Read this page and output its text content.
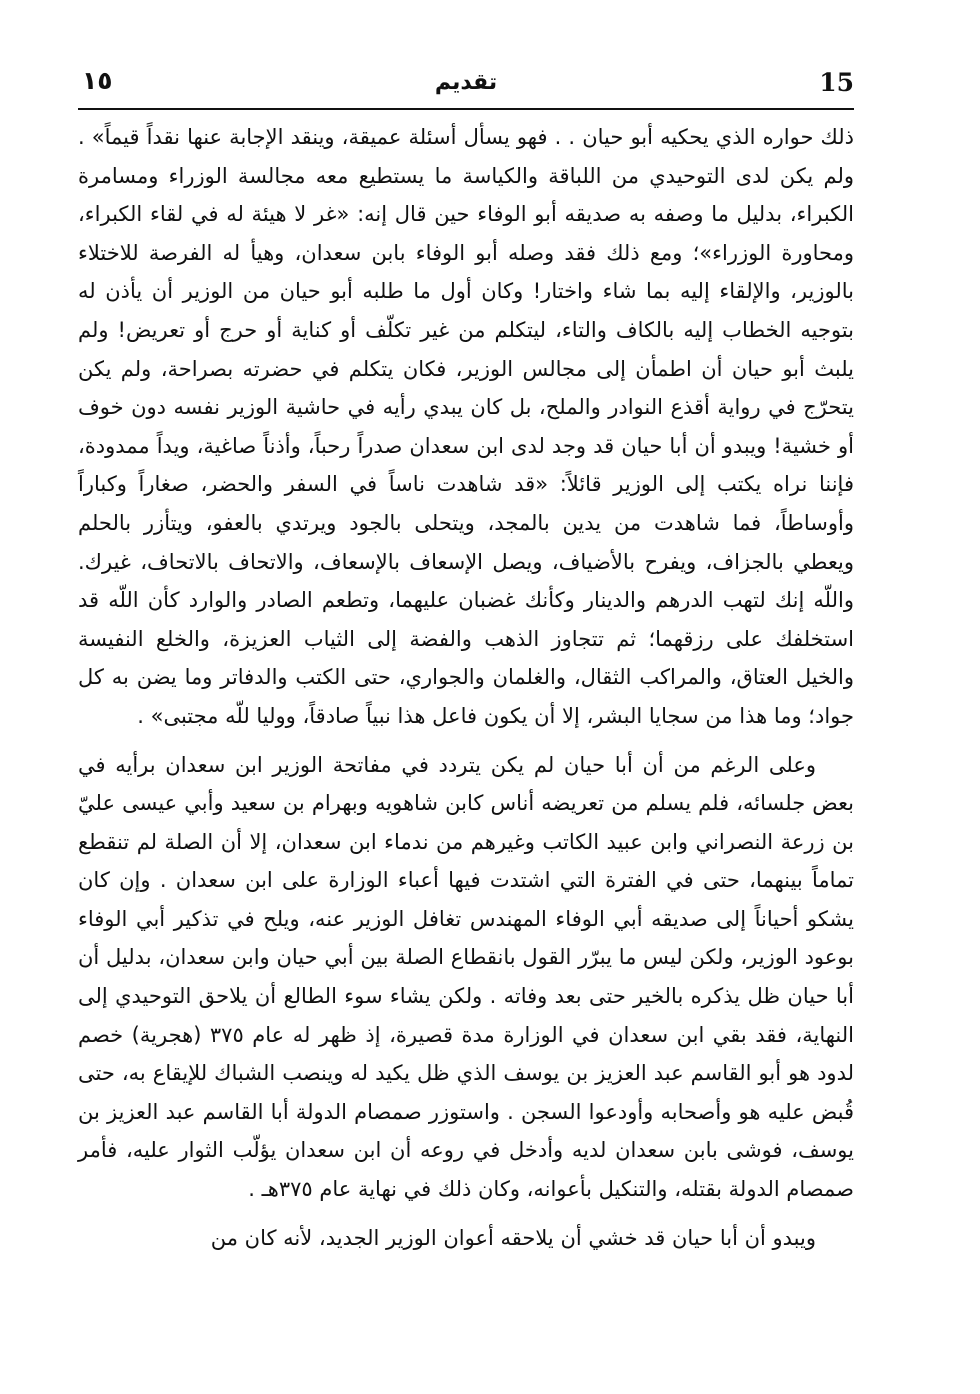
15
تقديم
١٥

ذلك حواره الذي يحكيه أبو حيان . . فهو يسأل أسئلة عميقة، وينقد الإجابة عنها نقداً قيماً» . ولم يكن لدى التوحيدي من اللباقة والكياسة ما يستطيع معه مجالسة الوزراء ومسامرة الكبراء، بدليل ما وصفه به صديقه أبو الوفاء حين قال إنه: «غر لا هيئة له في لقاء الكبراء، ومحاورة الوزراء»؛ ومع ذلك فقد وصله أبو الوفاء بابن سعدان، وهيأ له الفرصة للاختلاء بالوزير، والإلقاء إليه بما شاء واختار! وكان أول ما طلبه أبو حيان من الوزير أن يأذن له بتوجيه الخطاب إليه بالكاف والتاء، ليتكلم من غير تكلّف أو كناية أو حرج أو تعريض! ولم يلبث أبو حيان أن اطمأن إلى مجالس الوزير، فكان يتكلم في حضرته بصراحة، ولم يكن يتحرّج في رواية أقذع النوادر والملح، بل كان يبدي رأيه في حاشية الوزير نفسه دون خوف أو خشية! ويبدو أن أبا حيان قد وجد لدى ابن سعدان صدراً رحباً، وأذناً صاغية، ويداً ممدودة، فإننا نراه يكتب إلى الوزير قائلاً: «قد شاهدت ناساً في السفر والحضر، صغاراً وكباراً وأوساطاً، فما شاهدت من يدين بالمجد، ويتحلى بالجود ويرتدي بالعفو، ويتأزر بالحلم ويعطي بالجزاف، ويفرح بالأضياف، ويصل الإسعاف بالإسعاف، والاتحاف بالاتحاف، غيرك. واللّه إنك لتهب الدرهم والدينار وكأنك غضبان عليهما، وتطعم الصادر والوارد كأن اللّه قد استخلفك على رزقهما؛ ثم تتجاوز الذهب والفضة إلى الثياب العزيزة، والخلع النفيسة والخيل العتاق، والمراكب الثقال، والغلمان والجواري، حتى الكتب والدفاتر وما يضن به كل جواد؛ وما هذا من سجايا البشر، إلا أن يكون فاعل هذا نبياً صادقاً، ووليا للّه مجتبى» .

وعلى الرغم من أن أبا حيان لم يكن يتردد في مفاتحة الوزير ابن سعدان برأيه في بعض جلسائه، فلم يسلم من تعريضه أناس كابن شاهويه وبهرام بن سعيد وأبي عيسى عليّ بن زرعة النصراني وابن عبيد الكاتب وغيرهم من ندماء ابن سعدان، إلا أن الصلة لم تنقطع تماماً بينهما، حتى في الفترة التي اشتدت فيها أعباء الوزارة على ابن سعدان . وإن كان يشكو أحياناً إلى صديقه أبي الوفاء المهندس تغافل الوزير عنه، ويلح في تذكير أبي الوفاء بوعود الوزير، ولكن ليس ما يبرّر القول بانقطاع الصلة بين أبي حيان وابن سعدان، بدليل أن أبا حيان ظل يذكره بالخير حتى بعد وفاته . ولكن يشاء سوء الطالع أن يلاحق التوحيدي إلى النهاية، فقد بقي ابن سعدان في الوزارة مدة قصيرة، إذ ظهر له عام ٣٧٥ (هجرية) خصم لدود هو أبو القاسم عبد العزيز بن يوسف الذي ظل يكيد له وينصب الشباك للإيقاع به، حتى قُبض عليه هو وأصحابه وأودعوا السجن . واستوزر صمصام الدولة أبا القاسم عبد العزيز بن يوسف، فوشى بابن سعدان لديه وأدخل في روعه أن ابن سعدان يؤلّب الثوار عليه، فأمر صمصام الدولة بقتله، والتنكيل بأعوانه، وكان ذلك في نهاية عام ٣٧٥هـ .

ويبدو أن أبا حيان قد خشي أن يلاحقه أعوان الوزير الجديد، لأنه كان من
